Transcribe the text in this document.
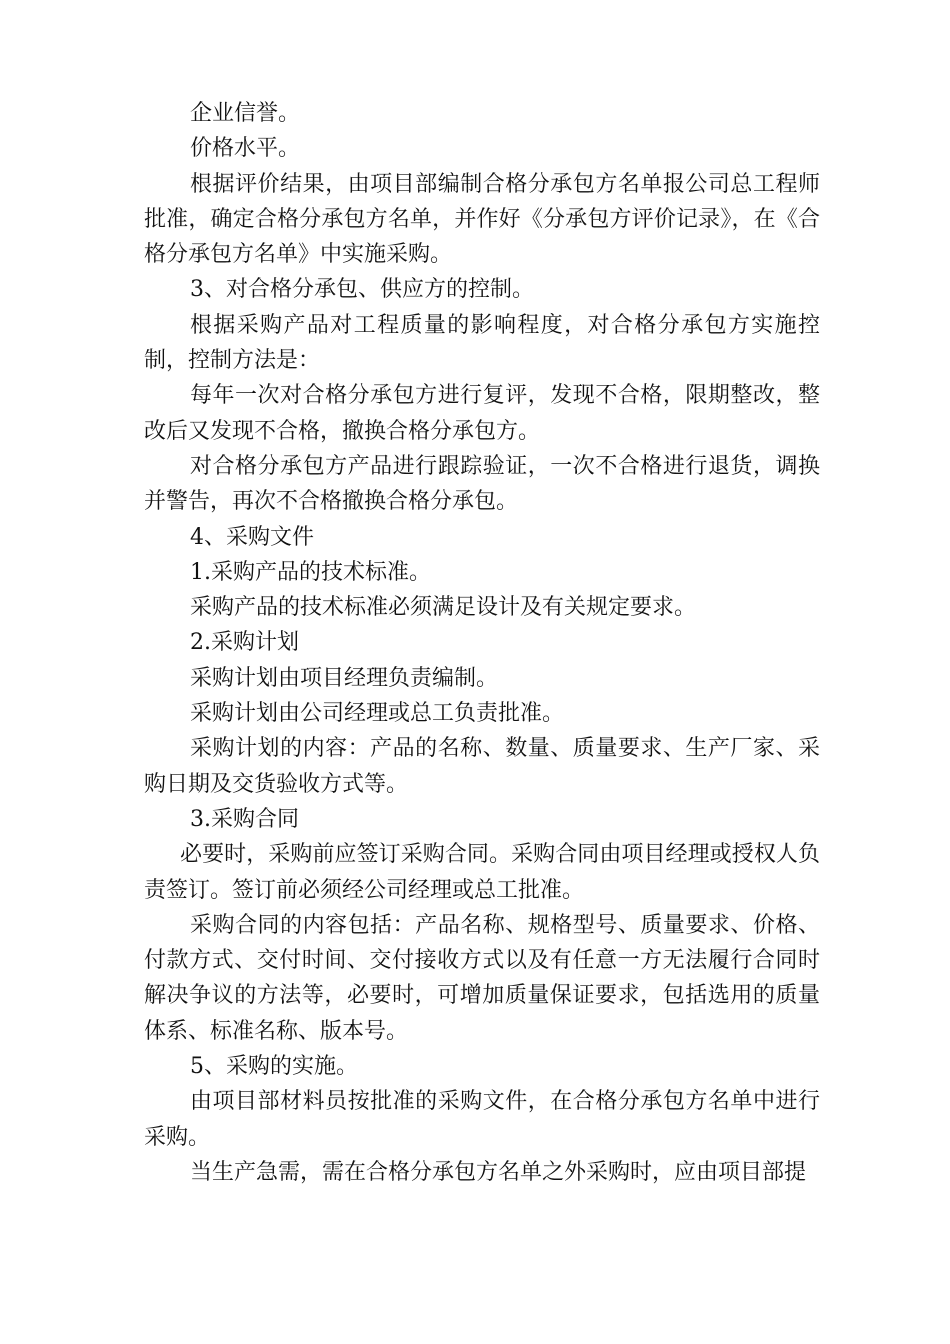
企业信誉。

价格水平。

根据评价结果，由项目部编制合格分承包方名单报公司总工程师批准，确定合格分承包方名单，并作好《分承包方评价记录》，在《合格分承包方名单》中实施采购。

3、对合格分承包、供应方的控制。

根据采购产品对工程质量的影响程度，对合格分承包方实施控制，控制方法是：

每年一次对合格分承包方进行复评，发现不合格，限期整改，整改后又发现不合格，撤换合格分承包方。

对合格分承包方产品进行跟踪验证，一次不合格进行退货，调换并警告，再次不合格撤换合格分承包。

4、采购文件

1.采购产品的技术标准。

采购产品的技术标准必须满足设计及有关规定要求。

2.采购计划

采购计划由项目经理负责编制。

采购计划由公司经理或总工负责批准。

采购计划的内容：产品的名称、数量、质量要求、生产厂家、采购日期及交货验收方式等。

3.采购合同

必要时，采购前应签订采购合同。采购合同由项目经理或授权人负责签订。签订前必须经公司经理或总工批准。

采购合同的内容包括：产品名称、规格型号、质量要求、价格、付款方式、交付时间、交付接收方式以及有任意一方无法履行合同时解决争议的方法等，必要时，可增加质量保证要求，包括选用的质量体系、标准名称、版本号。

5、采购的实施。

由项目部材料员按批准的采购文件，在合格分承包方名单中进行采购。

当生产急需，需在合格分承包方名单之外采购时，应由项目部提
